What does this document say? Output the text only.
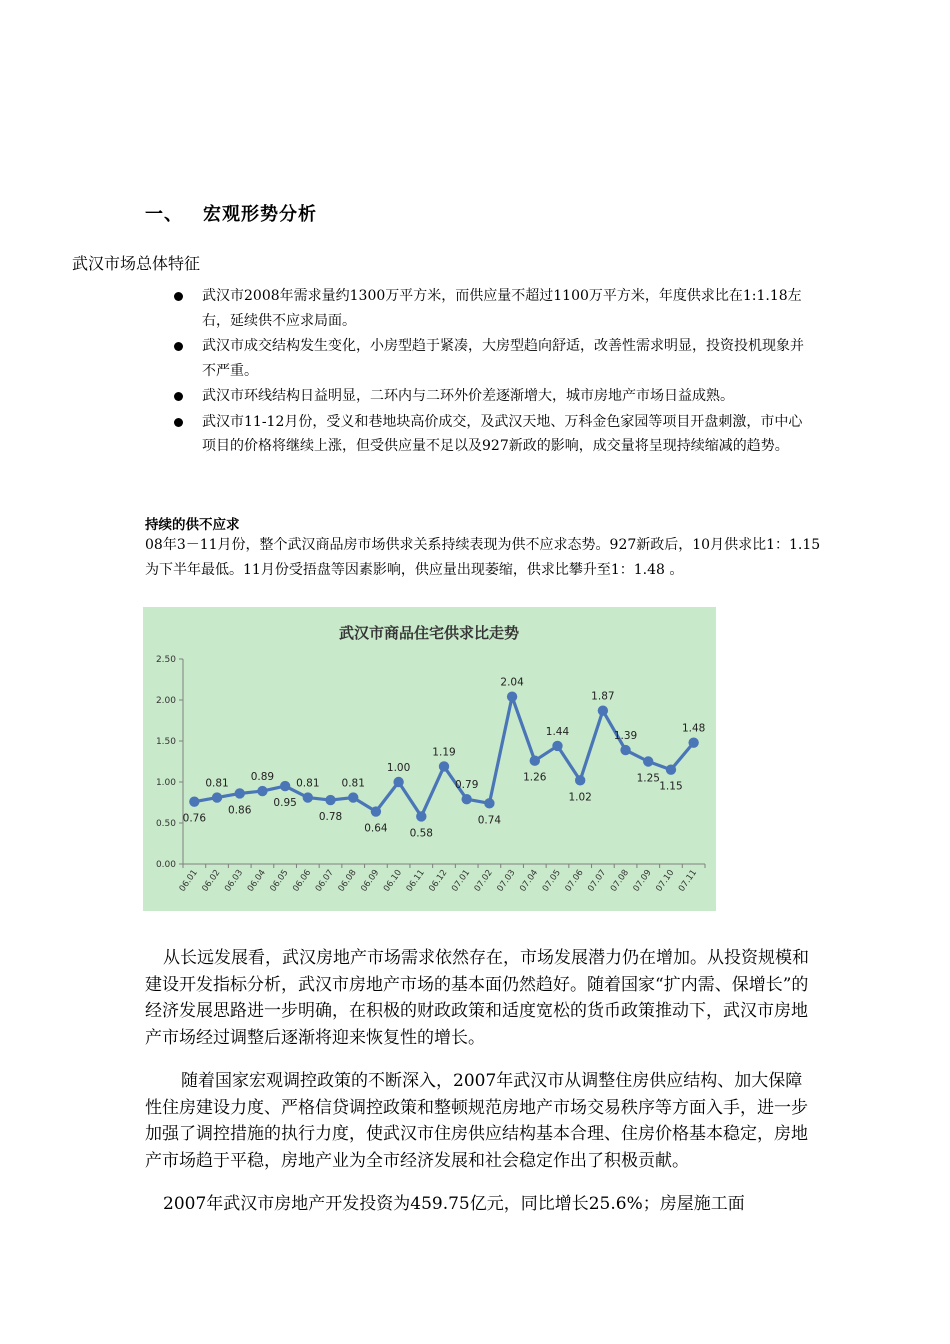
一、 宏观形势分析
武汉市场总体特征
武汉市2008年需求量约1300万平方米，而供应量不超过1100万平方米，年度供求比在1:1.18左右，延续供不应求局面。
武汉市成交结构发生变化，小房型趋于紧凑，大房型趋向舒适，改善性需求明显，投资投机现象并不严重。
武汉市环线结构日益明显，二环内与二环外价差逐渐增大，城市房地产市场日益成熟。
武汉市11-12月份，受义和巷地块高价成交，及武汉天地、万科金色家园等项目开盘刺激，市中心项目的价格将继续上涨，但受供应量不足以及927新政的影响，成交量将呈现持续缩减的趋势。
持续的供不应求
08年3－11月份，整个武汉商品房市场供求关系持续表现为供不应求态势。927新政后，10月供求比1：1.15为下半年最低。11月份受捂盘等因素影响，供应量出现萎缩，供求比攀升至1：1.48 。
武汉市商品住宅供求比走势
0.00
0.50
1.00
1.50
2.00
2.50
06.01 06.02 06.03 06.04 06.05 06.06 06.07 06.08 06.09 06.10 06.11 06.12 07.01 07.02 07.03 07.04 07.05 07.06 07.07 07.08 07.09 07.10 07.11
0.76
0.81
0.86
0.89
0.95
0.81
0.78
0.81
0.64
1.00
0.58
1.19
0.79
0.74
2.04
1.26
1.44
1.02
1.87
1.39
1.25
1.15
1.48
从长远发展看，武汉房地产市场需求依然存在，市场发展潜力仍在增加。从投资规模和建设开发指标分析，武汉市房地产市场的基本面仍然趋好。随着国家“扩内需、保增长”的经济发展思路进一步明确，在积极的财政政策和适度宽松的货币政策推动下，武汉市房地产市场经过调整后逐渐将迎来恢复性的增长。
随着国家宏观调控政策的不断深入，2007年武汉市从调整住房供应结构、加大保障性住房建设力度、严格信贷调控政策和整顿规范房地产市场交易秩序等方面入手，进一步加强了调控措施的执行力度，使武汉市住房供应结构基本合理、住房价格基本稳定，房地产市场趋于平稳，房地产业为全市经济发展和社会稳定作出了积极贡献。
2007年武汉市房地产开发投资为459.75亿元，同比增长25.6%；房屋施工面
